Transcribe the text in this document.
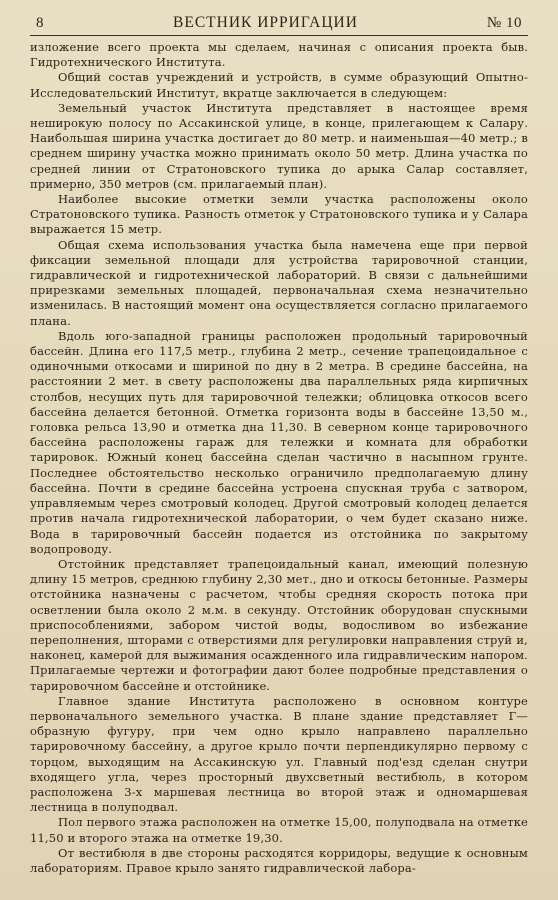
8	ВЕСТНИК ИРРИГАЦИИ	№ 10

изложение всего проекта мы сделаем, начиная с описания проекта быв. Гидротехнического Института.

Общий состав учреждений и устройств, в сумме образующий Опытно-Исследовательский Институт, вкратце заключается в следующем:

Земельный участок Института представляет в настоящее время неширокую полосу по Ассакинской улице, в конце, прилегающем к Салару. Наибольшая ширина участка достигает до 80 метр. и наименьшая—40 метр.; в среднем ширину участка можно принимать около 50 метр. Длина участка по средней линии от Стратоновского тупика до арыка Салар составляет, примерно, 350 метров (см. прилагаемый план).

Наиболее высокие отметки земли участка расположены около Стратоновского тупика. Разность отметок у Стратоновского тупика и у Салара выражается 15 метр.

Общая схема использования участка была намечена еще при первой фиксации земельной площади для устройства тарировочной станции, гидравлической и гидротехнической лабораторий. В связи с дальнейшими прирезками земельных площадей, первоначальная схема незначительно изменилась. В настоящий момент она осуществляется согласно прилагаемого плана.

Вдоль юго-западной границы расположен продольный тарировочный бассейн. Длина его 117,5 метр., глубина 2 метр., сечение трапецоидальное с одиночными откосами и шириной по дну в 2 метра. В средине бассейна, на расстоянии 2 мет. в свету расположены два параллельных ряда кирпичных столбов, несущих путь для тарировочной тележки; облицовка откосов всего бассейна делается бетонной. Отметка горизонта воды в бассейне 13,50 м., головка рельса 13,90 и отметка дна 11,30. В северном конце тарировочного бассейна расположены гараж для тележки и комната для обработки тарировок. Южный конец бассейна сделан частично в насыпном грунте. Последнее обстоятельство несколько ограничило предполагаемую длину бассейна. Почти в средине бассейна устроена спускная труба с затвором, управляемым через смотровый колодец. Другой смотровый колодец делается против начала гидротехнической лаборатории, о чем будет сказано ниже. Вода в тарировочный бассейн подается из отстойника по закрытому водопроводу.

Отстойник представляет трапецоидальный канал, имеющий полезную длину 15 метров, среднюю глубину 2,30 мет., дно и откосы бетонные. Размеры отстойника назначены с расчетом, чтобы средняя скорость потока при осветлении была около 2 м.м. в секунду. Отстойник оборудован спускными приспособлениями, забором чистой воды, водосливом во избежание переполнения, шторами с отверстиями для регулировки направления струй и, наконец, камерой для выжимания осажденного ила гидравлическим напором. Прилагаемые чертежи и фотографии дают более подробные представления о тарировочном бассейне и отстойнике.

Главное здание Института расположено в основном контуре первоначального земельного участка. В плане здание представляет Г—образную фугуру, при чем одно крыло направлено параллельно тарировочному бассейну, а другое крыло почти перпендикулярно первому с торцом, выходящим на Ассакинскую ул. Главный под'езд сделан снутри входящего угла, через просторный двухсветный вестибюль, в котором расположена 3-х маршевая лестница во второй этаж и одномаршевая лестница в полуподвал.

Пол первого этажа расположен на отметке 15,00, полуподвала на отметке 11,50 и второго этажа на отметке 19,30.

От вестибюля в две стороны расходятся корридоры, ведущие к основным лабораториям. Правое крыло занято гидравлической лабора-
